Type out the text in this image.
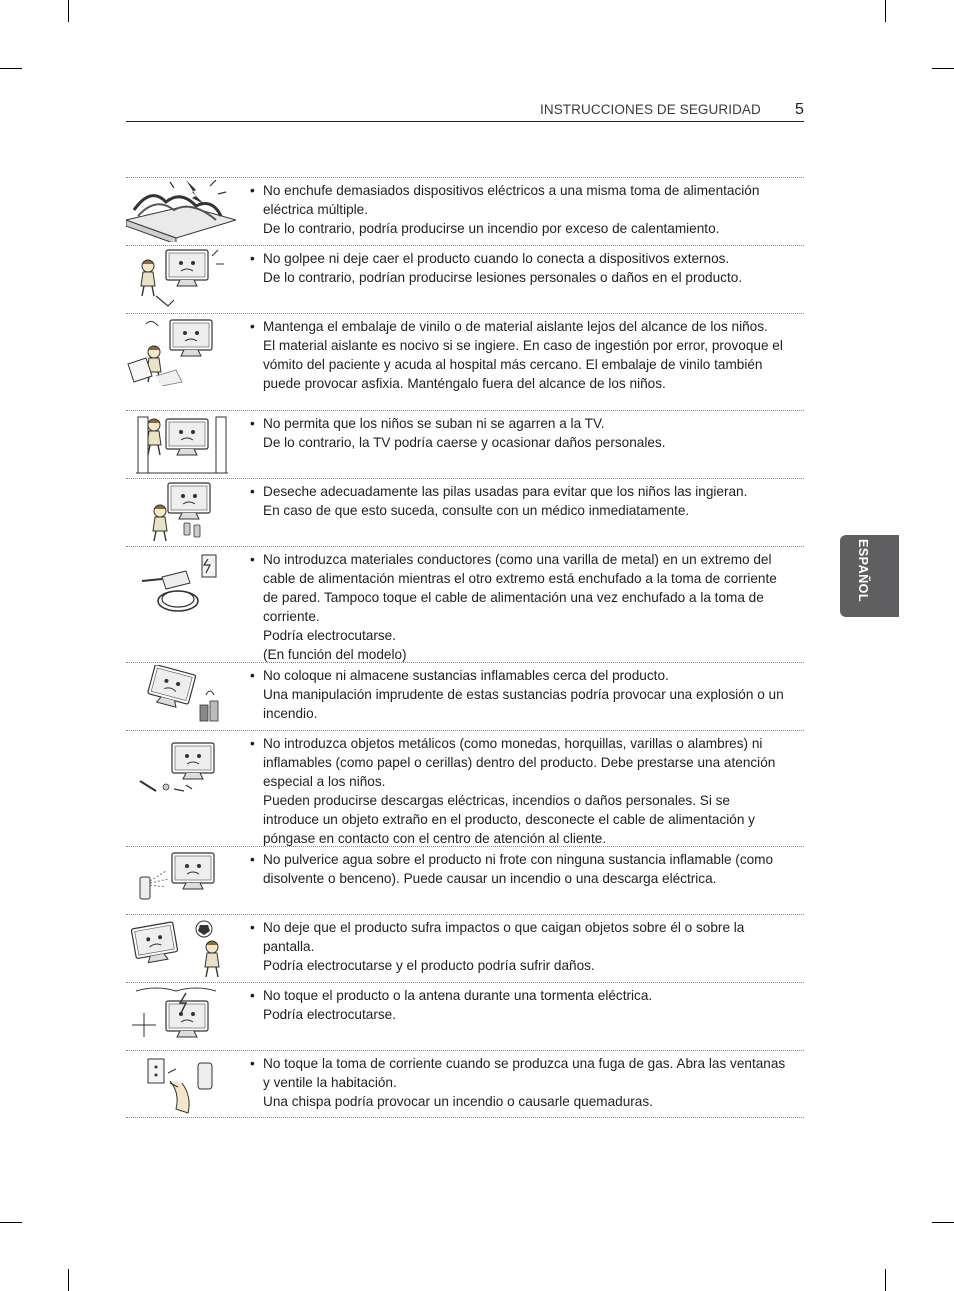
INSTRUCCIONES DE SEGURIDAD 5
ESPAÑOL
• No enchufe demasiados dispositivos eléctricos a una misma toma de alimentación eléctrica múltiple.
De lo contrario, podría producirse un incendio por exceso de calentamiento.
• No golpee ni deje caer el producto cuando lo conecta a dispositivos externos.
De lo contrario, podrían producirse lesiones personales o daños en el producto.
• Mantenga el embalaje de vinilo o de material aislante lejos del alcance de los niños.
El material aislante es nocivo si se ingiere. En caso de ingestión por error, provoque el vómito del paciente y acuda al hospital más cercano. El embalaje de vinilo también puede provocar asfixia. Manténgalo fuera del alcance de los niños.
• No permita que los niños se suban ni se agarren a la TV.
De lo contrario, la TV podría caerse y ocasionar daños personales.
• Deseche adecuadamente las pilas usadas para evitar que los niños las ingieran.
En caso de que esto suceda, consulte con un médico inmediatamente.
• No introduzca materiales conductores (como una varilla de metal) en un extremo del cable de alimentación mientras el otro extremo está enchufado a la toma de corriente de pared. Tampoco toque el cable de alimentación una vez enchufado a la toma de corriente.
Podría electrocutarse.
(En función del modelo)
• No coloque ni almacene sustancias inflamables cerca del producto.
Una manipulación imprudente de estas sustancias podría provocar una explosión o un incendio.
• No introduzca objetos metálicos (como monedas, horquillas, varillas o alambres) ni inflamables (como papel o cerillas) dentro del producto. Debe prestarse una atención especial a los niños.
Pueden producirse descargas eléctricas, incendios o daños personales. Si se introduce un objeto extraño en el producto, desconecte el cable de alimentación y póngase en contacto con el centro de atención al cliente.
• No pulverice agua sobre el producto ni frote con ninguna sustancia inflamable (como disolvente o benceno). Puede causar un incendio o una descarga eléctrica.
• No deje que el producto sufra impactos o que caigan objetos sobre él o sobre la pantalla.
Podría electrocutarse y el producto podría sufrir daños.
• No toque el producto o la antena durante una tormenta eléctrica.
Podría electrocutarse.
• No toque la toma de corriente cuando se produzca una fuga de gas. Abra las ventanas y ventile la habitación.
Una chispa podría provocar un incendio o causarle quemaduras.
